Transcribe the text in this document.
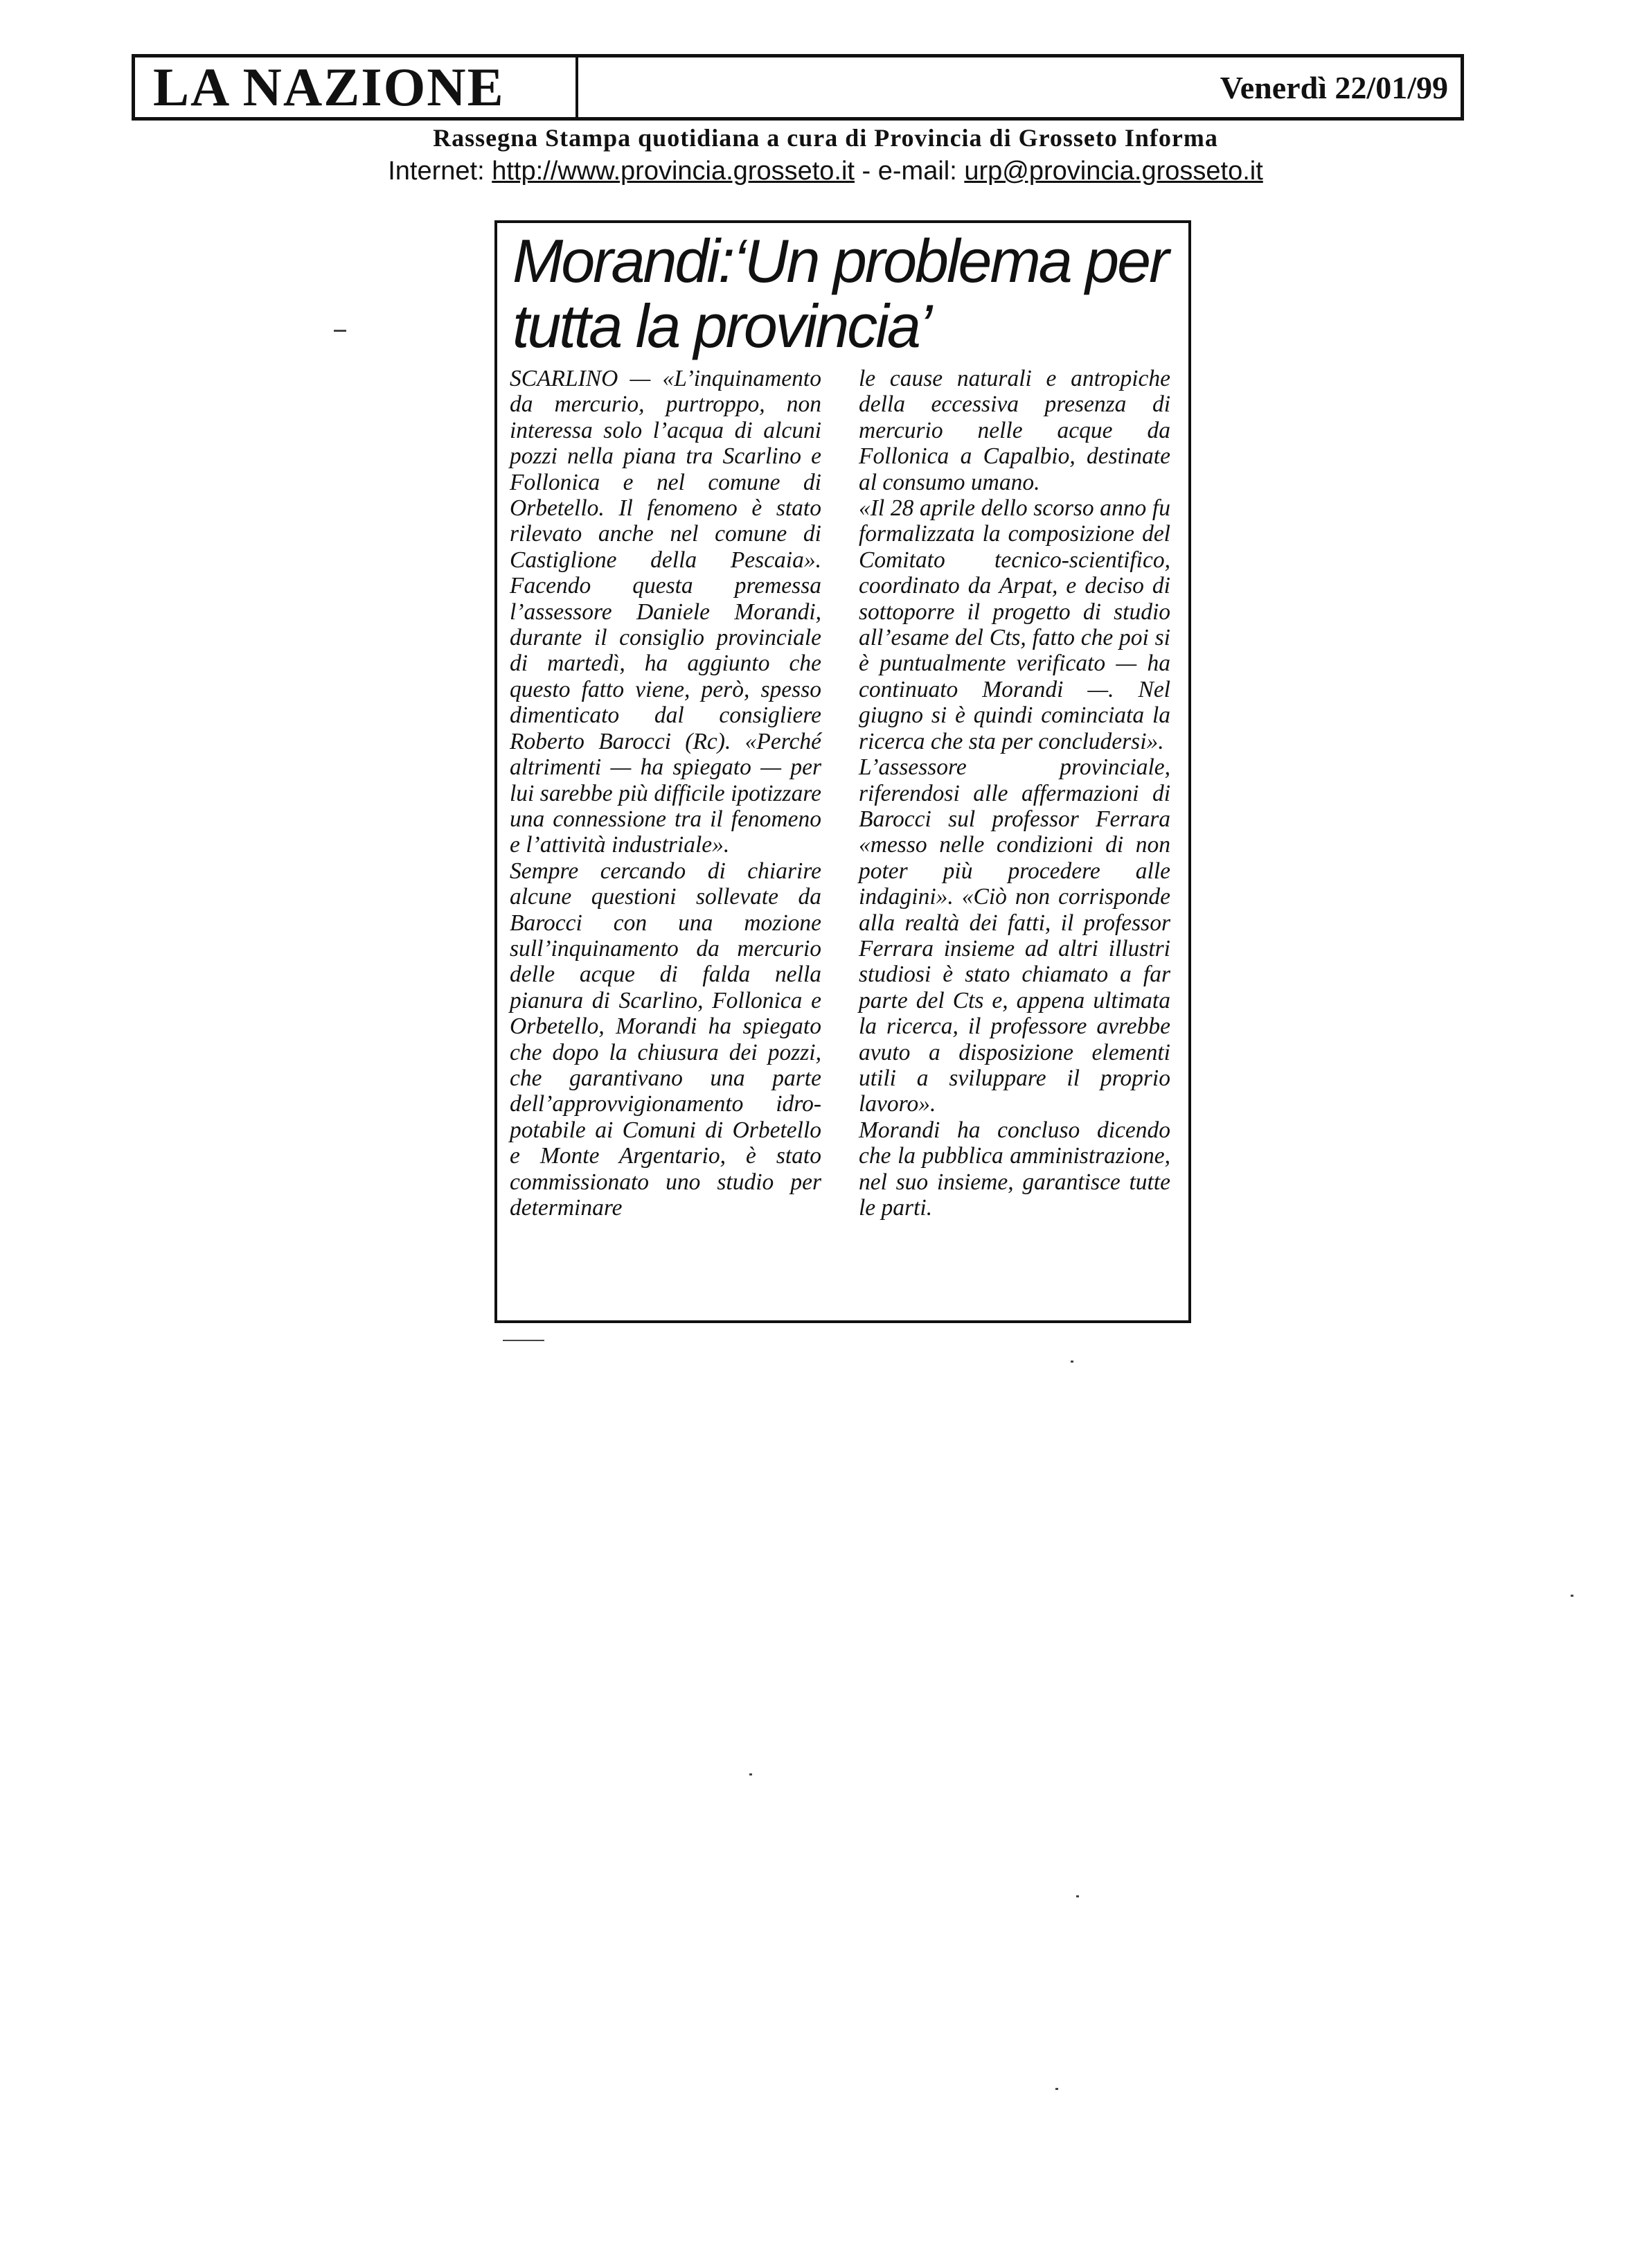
LA NAZIONE	Venerdì 22/01/99
Rassegna Stampa quotidiana a cura di Provincia di Grosseto Informa
Internet: http://www.provincia.grosseto.it - e-mail: urp@provincia.grosseto.it
Morandi:‘Un problema per tutta la provincia’

SCARLINO — «L’inquinamento da mercurio, purtroppo, non interessa solo l’acqua di alcuni pozzi nella piana tra Scarlino e Follonica e nel comune di Orbetello. Il fenomeno è stato rilevato anche nel comune di Castiglione della Pescaia». Facendo questa premessa l’assessore Daniele Morandi, durante il consiglio provinciale di martedì, ha aggiunto che questo fatto viene, però, spesso dimenticato dal consigliere Roberto Barocci (Rc). «Perché altrimenti — ha spiegato — per lui sarebbe più difficile ipotizzare una connessione tra il fenomeno e l’attività industriale».

Sempre cercando di chiarire alcune questioni sollevate da Barocci con una mozione sull’inquinamento da mercurio delle acque di falda nella pianura di Scarlino, Follonica e Orbetello, Morandi ha spiegato che dopo la chiusura dei pozzi, che garantivano una parte dell’approvvigionamento idro-potabile ai Comuni di Orbetello e Monte Argentario, è stato commissionato uno studio per determinare

le cause naturali e antropiche della eccessiva presenza di mercurio nelle acque da Follonica a Capalbio, destinate al consumo umano.

«Il 28 aprile dello scorso anno fu formalizzata la composizione del Comitato tecnico-scientifico, coordinato da Arpat, e deciso di sottoporre il progetto di studio all’esame del Cts, fatto che poi si è puntualmente verificato — ha continuato Morandi —. Nel giugno si è quindi cominciata la ricerca che sta per concludersi».

L’assessore provinciale, riferendosi alle affermazioni di Barocci sul professor Ferrara «messo nelle condizioni di non poter più procedere alle indagini». «Ciò non corrisponde alla realtà dei fatti, il professor Ferrara insieme ad altri illustri studiosi è stato chiamato a far parte del Cts e, appena ultimata la ricerca, il professore avrebbe avuto a disposizione elementi utili a sviluppare il proprio lavoro».

Morandi ha concluso dicendo che la pubblica amministrazione, nel suo insieme, garantisce tutte le parti.
